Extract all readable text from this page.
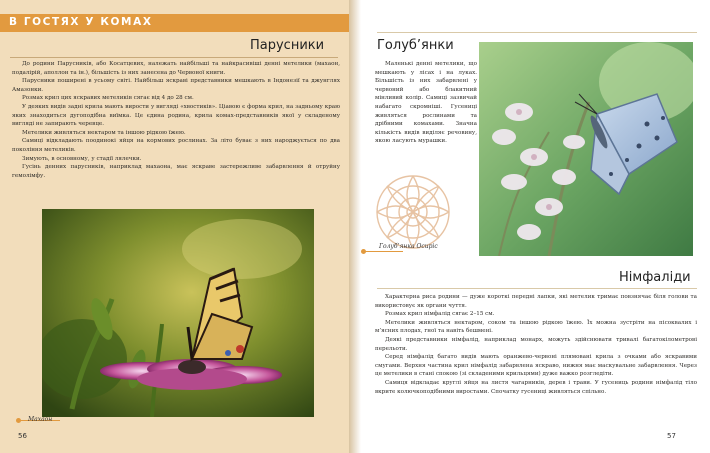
В ГОСТЯХ У КОМАХ
Парусники

До родини Парусників, або Косатцевих, належать найбільші та найкрасивіші денні метелики (махаон, подалірій, аполлон та ін.), більшість із них занесена до Червоної книги.

Парусники поширені в усьому світі. Найбільш яскраві представники мешкають в Індонезії та джунглях Амазонки.

Розмах крил цих яскравих метеликів сягає від 4 до 28 см.

У деяких видів задні крила мають вирости у вигляді «хвостиків». Ціавою є форма крил, на задньому краю яких знаходиться дугоподібна виїмка. Це єдина родина, крила комах-представників якої у складеному вигляді не запирають черевце.

Метелики живляться нектаром та іншою рідкою їжею.

Самиці відкладають поодинокі яйця на кормових рослинах. За літо буває з них народжується по два покоління метеликів.

Зимують, в основному, у стадії лялечки.

Гусінь денних парусників, наприклад махаона, має яскраве застережливе забарвлення й отруйну гемолімфу.

Махаон
56
Голуб’янки

Маленькі денні метелики, що мешкають у лісах і на луках. Більшість із них забарвлені у червоний або блакитний мінливий колір. Самиці зазвичай набагато скромніші. Гусениці живляться рослинами та дрібними комахами. Значна кількість видів виділяє речовину, якою ласують мурашки.

Голуб’янка Осиріс
Німфаліди

Характерна риса родини — дуже короткі передні лапки, які метелик тримає повзнячає біля голови та використовує як органи чуття.

Розмах крил німфалід сягає 2–15 см.

Метелики живляться нектаром, соком та іншою рідкою їжею. Їх можна зустріти на пісоквалих і м’ясних плодах, гної та навіть бешмені.

Деякі представники німфалід, наприклад монарх, можуть здійснювати тривалі багатокілометрові перельоти.

Серед німфалід багато видів мають оранжево-червоні плямовані крила з очками або яскравими смугами. Верхня частина крил німфалід забарвлена яскраво, нижня має маскувальне забарвлення. Через це метелики в стані спокою (зі складеними крильцями) дуже важко розгледіти.

Самиця відкладає круглі яйця на листя чагарників, дерев і трави. У гусениць родини німфалід тіло вкрите колючкоподібними виростами. Спочатку гусениці живляться спільно.

57
